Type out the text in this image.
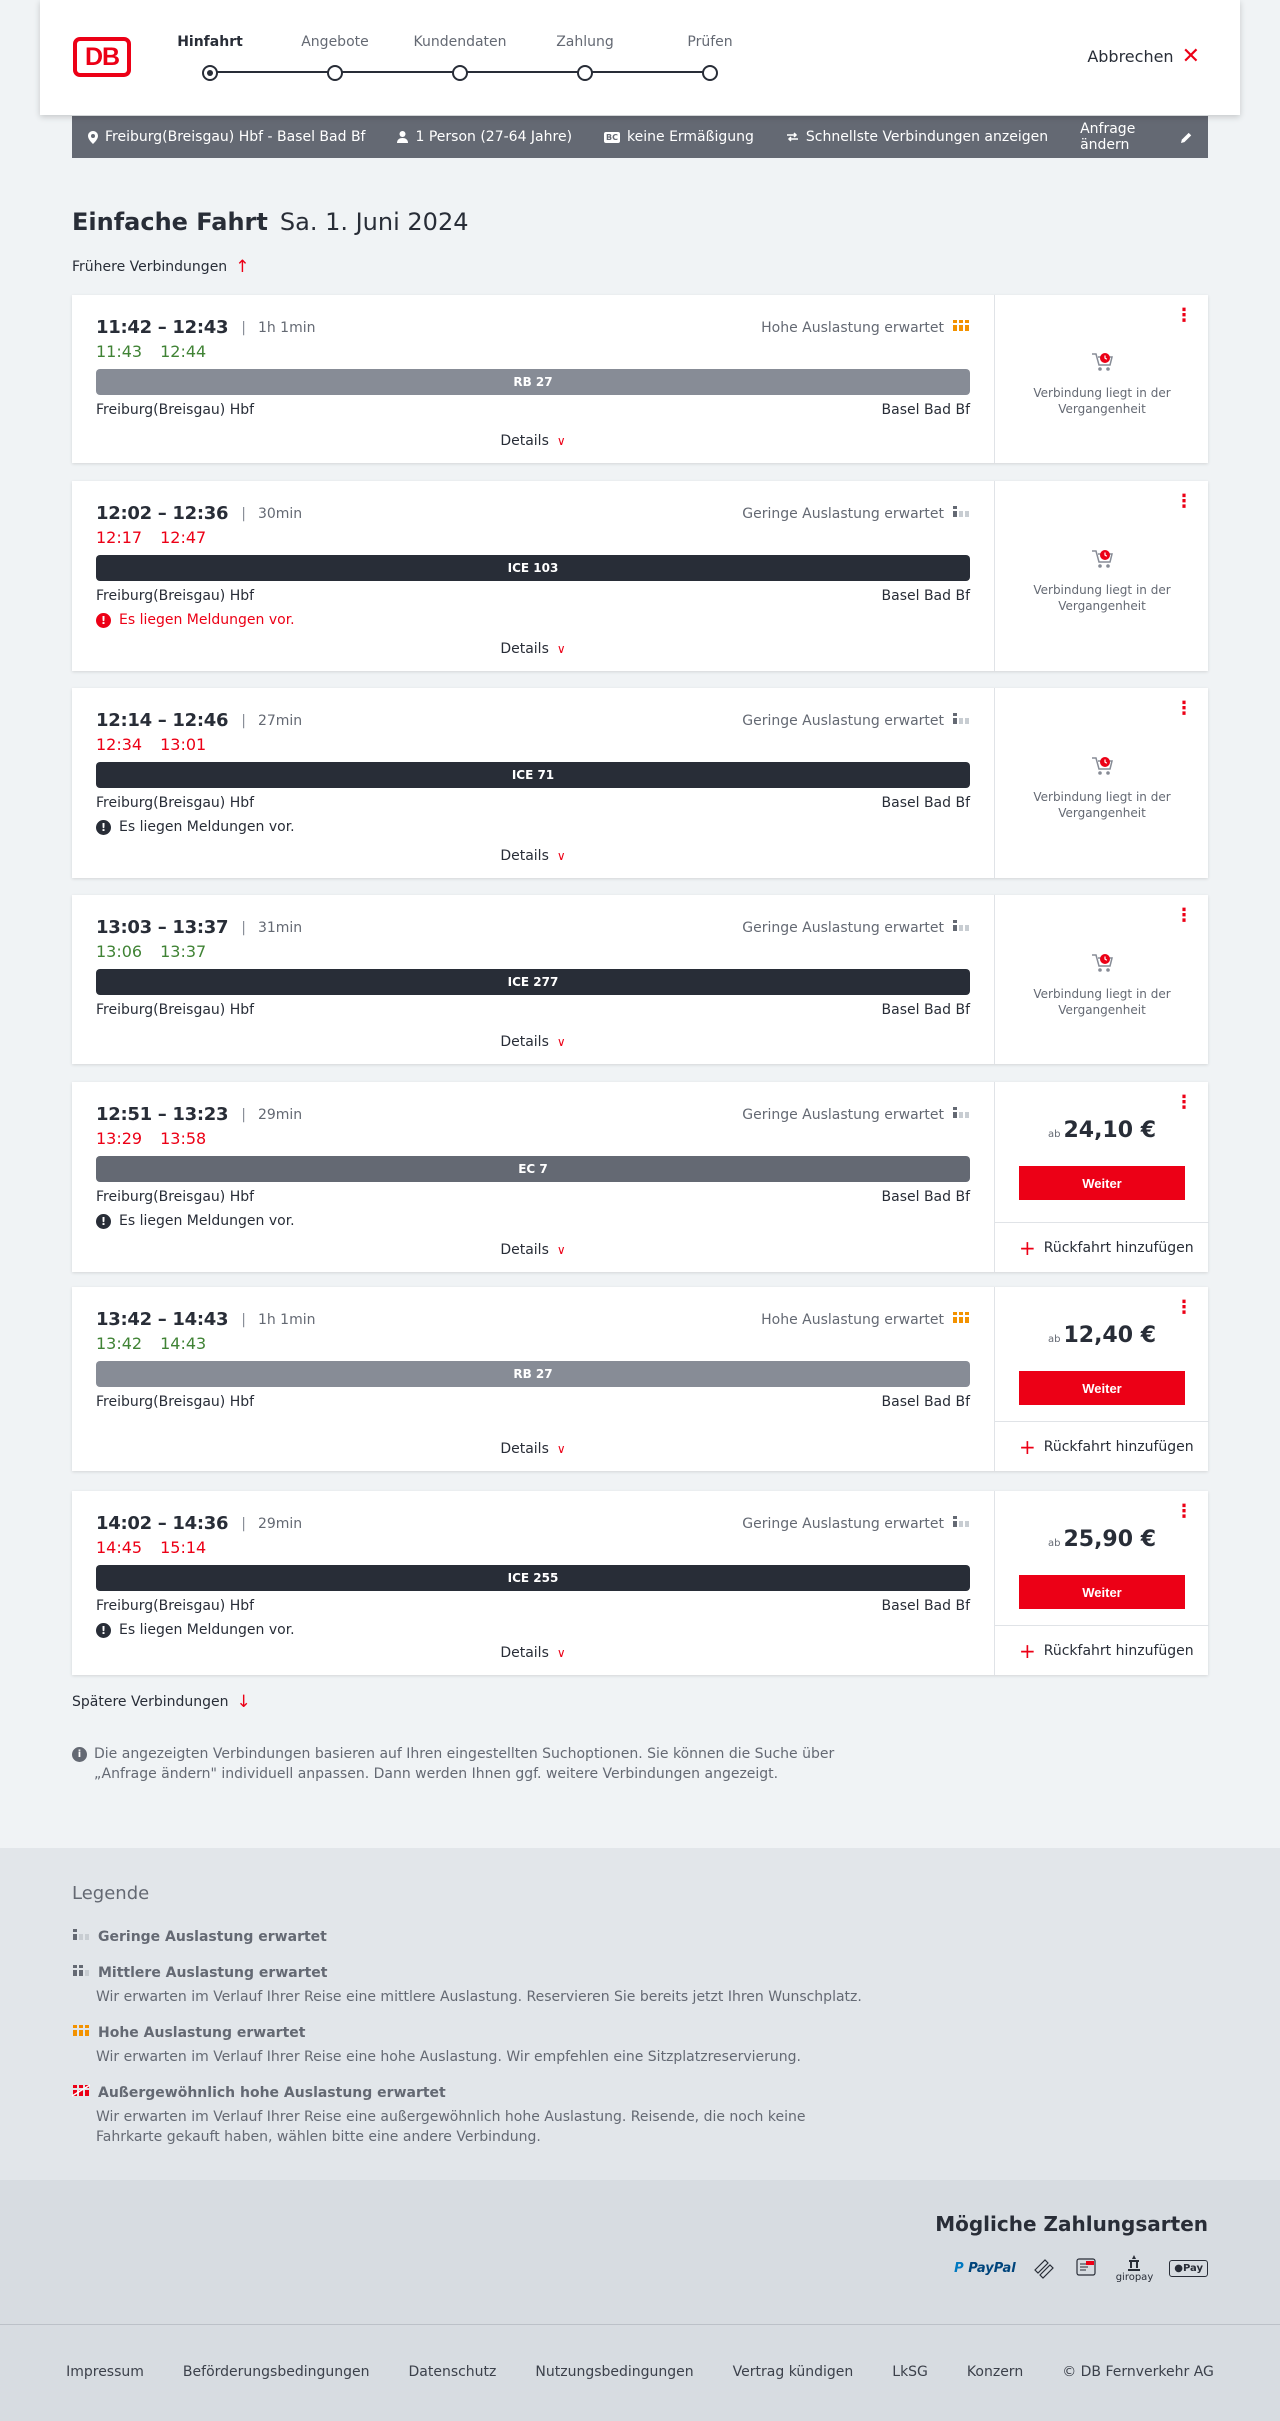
DB
Hinfahrt	Angebote	Kundendaten	Zahlung	Prüfen
Abbrechen ✕
Freiburg(Breisgau) Hbf - Basel Bad Bf	1 Person (27-64 Jahre)	BC keine Ermäßigung	Schnellste Verbindungen anzeigen Anfrage ändern
Einfache Fahrt Sa. 1. Juni 2024
Frühere Verbindungen ↑
11:42 – 12:43 | 1h 1min	Hohe Auslastung erwartet
11:43 12:44
RB 27
Freiburg(Breisgau) Hbf	Basel Bad Bf
Details ∨
⋮
Verbindung liegt in der Vergangenheit
12:02 – 12:36 | 30min	Geringe Auslastung erwartet
12:17 12:47
ICE 103
Freiburg(Breisgau) Hbf	Basel Bad Bf
! Es liegen Meldungen vor.
Details ∨
⋮
Verbindung liegt in der Vergangenheit
12:14 – 12:46 | 27min	Geringe Auslastung erwartet
12:34 13:01
ICE 71
Freiburg(Breisgau) Hbf	Basel Bad Bf
! Es liegen Meldungen vor.
Details ∨
⋮
Verbindung liegt in der Vergangenheit
13:03 – 13:37 | 31min	Geringe Auslastung erwartet
13:06 13:37
ICE 277
Freiburg(Breisgau) Hbf	Basel Bad Bf
Details ∨
⋮
Verbindung liegt in der Vergangenheit
12:51 – 13:23 | 29min	Geringe Auslastung erwartet
13:29 13:58
EC 7
Freiburg(Breisgau) Hbf	Basel Bad Bf
! Es liegen Meldungen vor.
Details ∨
⋮
ab 24,10 €
Weiter
+ Rückfahrt hinzufügen
13:42 – 14:43 | 1h 1min	Hohe Auslastung erwartet
13:42 14:43
RB 27
Freiburg(Breisgau) Hbf	Basel Bad Bf
Details ∨
⋮
ab 12,40 €
Weiter
+ Rückfahrt hinzufügen
14:02 – 14:36 | 29min	Geringe Auslastung erwartet
14:45 15:14
ICE 255
Freiburg(Breisgau) Hbf	Basel Bad Bf
! Es liegen Meldungen vor.
Details ∨
⋮
ab 25,90 €
Weiter
+ Rückfahrt hinzufügen
Spätere Verbindungen ↓
i Die angezeigten Verbindungen basieren auf Ihren eingestellten Suchoptionen. Sie können die Suche über „Anfrage ändern" individuell anpassen. Dann werden Ihnen ggf. weitere Verbindungen angezeigt.
Legende
Geringe Auslastung erwartet
Mittlere Auslastung erwartet
Wir erwarten im Verlauf Ihrer Reise eine mittlere Auslastung. Reservieren Sie bereits jetzt Ihren Wunschplatz.
Hohe Auslastung erwartet
Wir erwarten im Verlauf Ihrer Reise eine hohe Auslastung. Wir empfehlen eine Sitzplatzreservierung.
Außergewöhnlich hohe Auslastung erwartet
Wir erwarten im Verlauf Ihrer Reise eine außergewöhnlich hohe Auslastung. Reisende, die noch keine Fahrkarte gekauft haben, wählen bitte eine andere Verbindung.
Mögliche Zahlungsarten
P PayPal
giropay
●Pay
Impressum	Beförderungsbedingungen	Datenschutz	Nutzungsbedingungen	Vertrag kündigen	LkSG	Konzern	© DB Fernverkehr AG
